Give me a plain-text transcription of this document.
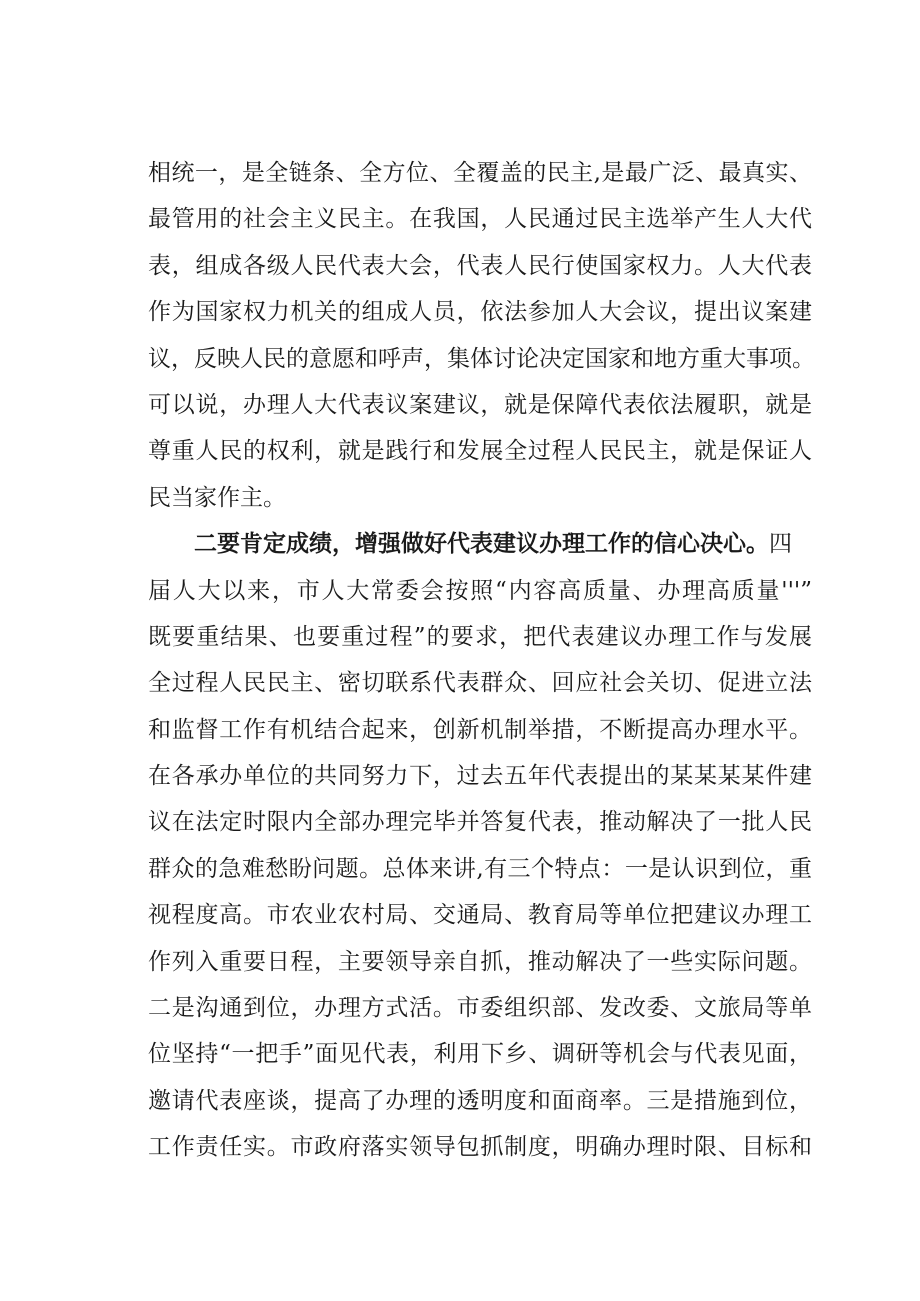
相统一，是全链条、全方位、全覆盖的民主,是最广泛、最真实、
最管用的社会主义民主。在我国，人民通过民主选举产生人大代
表，组成各级人民代表大会，代表人民行使国家权力。人大代表
作为国家权力机关的组成人员，依法参加人大会议，提出议案建
议，反映人民的意愿和呼声，集体讨论决定国家和地方重大事项。
可以说，办理人大代表议案建议，就是保障代表依法履职，就是
尊重人民的权利，就是践行和发展全过程人民民主，就是保证人
民当家作主。
二要肯定成绩，增强做好代表建议办理工作的信心决心。四
届人大以来，市人大常委会按照“内容高质量、办理高质量'''”
既要重结果、也要重过程”的要求，把代表建议办理工作与发展
全过程人民民主、密切联系代表群众、回应社会关切、促进立法
和监督工作有机结合起来，创新机制举措，不断提高办理水平。
在各承办单位的共同努力下，过去五年代表提出的某某某某件建
议在法定时限内全部办理完毕并答复代表，推动解决了一批人民
群众的急难愁盼问题。总体来讲,有三个特点：一是认识到位，重
视程度高。市农业农村局、交通局、教育局等单位把建议办理工
作列入重要日程，主要领导亲自抓，推动解决了一些实际问题。
二是沟通到位，办理方式活。市委组织部、发改委、文旅局等单
位坚持“一把手”面见代表，利用下乡、调研等机会与代表见面，
邀请代表座谈，提高了办理的透明度和面商率。三是措施到位，
工作责任实。市政府落实领导包抓制度，明确办理时限、目标和
